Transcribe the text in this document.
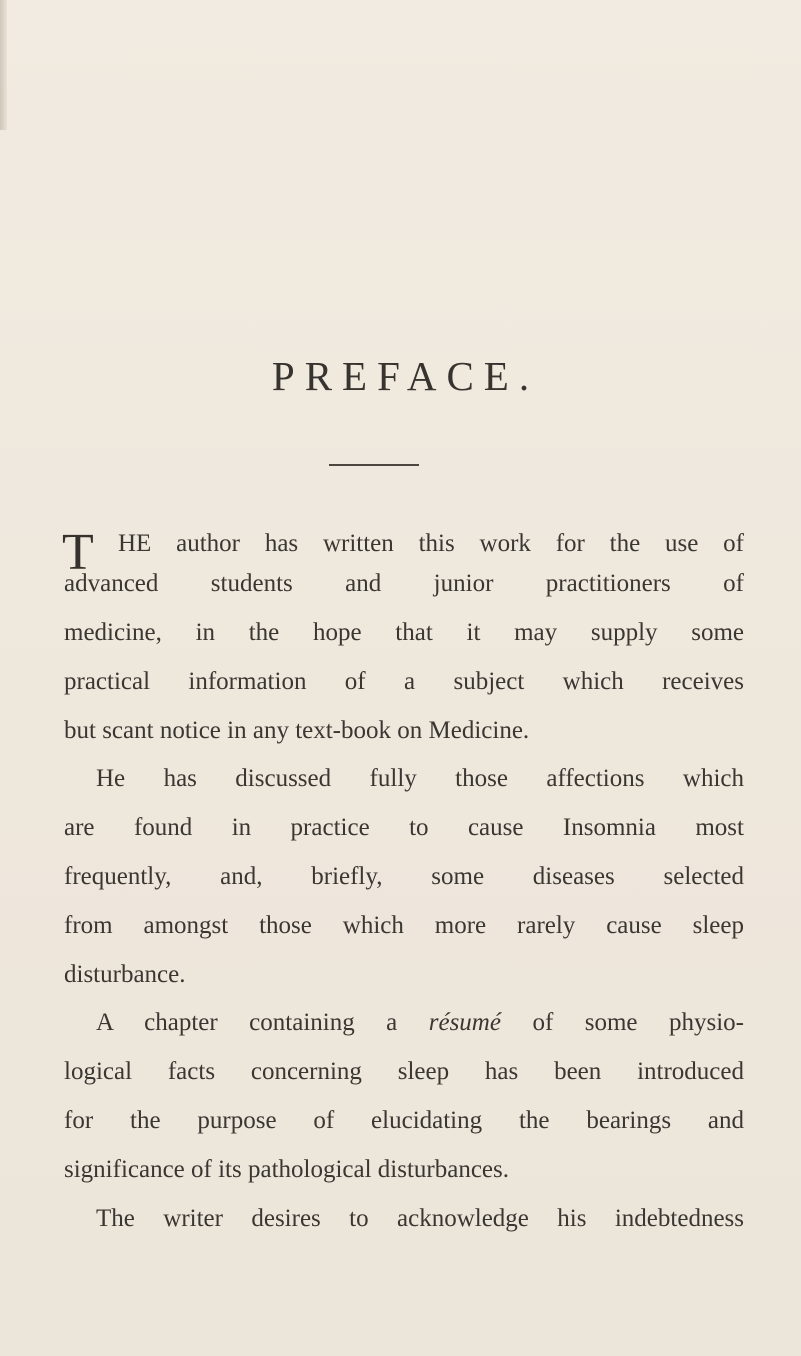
PREFACE.
T HE author has written this work for the use of
advanced students and junior practitioners of
medicine, in the hope that it may supply some
practical information of a subject which receives
but scant notice in any text-book on Medicine.
He has discussed fully those affections which
are found in practice to cause Insomnia most
frequently, and, briefly, some diseases selected
from amongst those which more rarely cause sleep
disturbance.
A chapter containing a résumé of some physio-
logical facts concerning sleep has been introduced
for the purpose of elucidating the bearings and
significance of its pathological disturbances.
The writer desires to acknowledge his indebtedness
